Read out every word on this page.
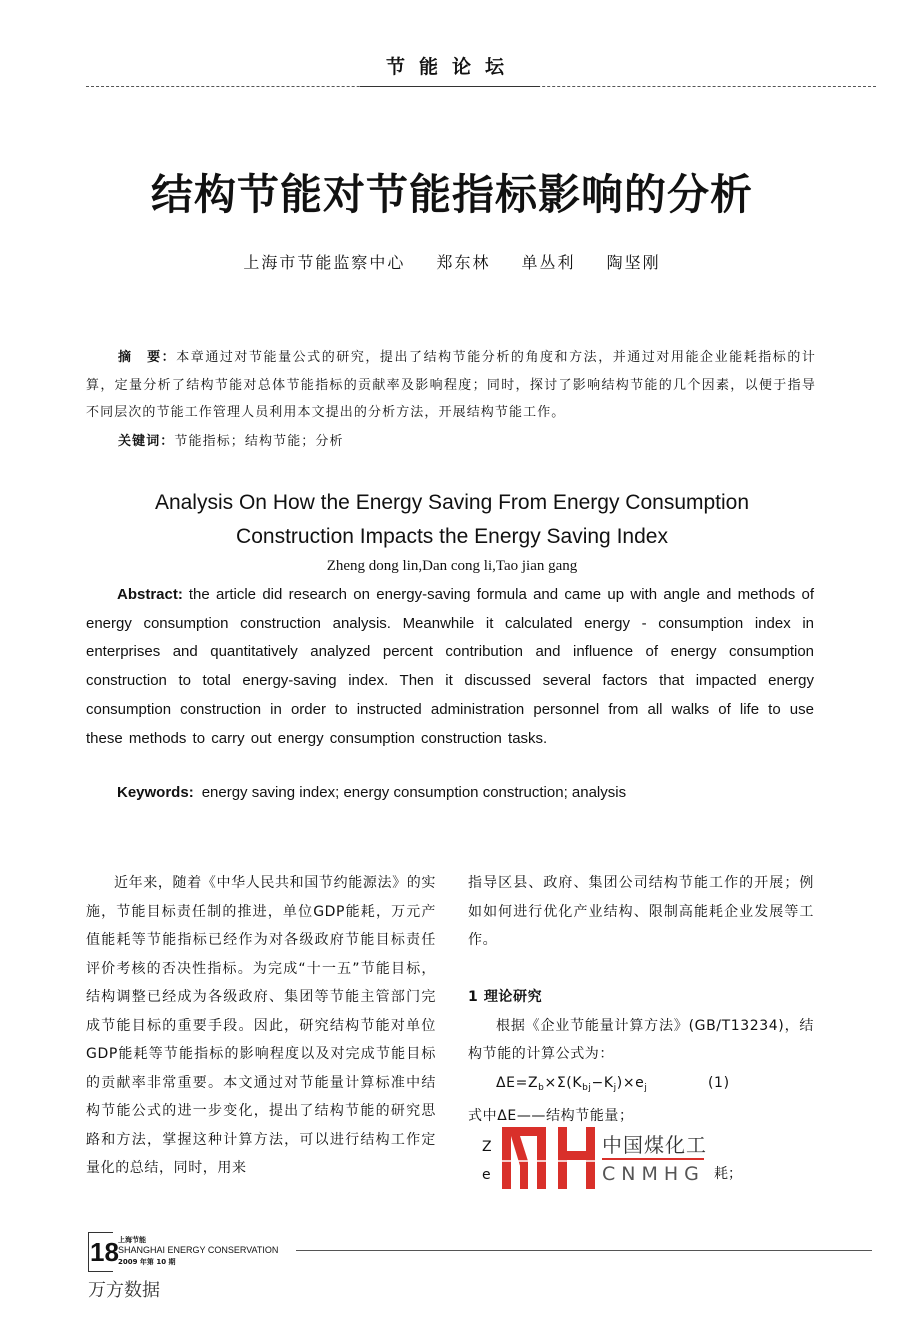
节能论坛
结构节能对节能指标影响的分析
上海市节能监察中心 郑东林 单丛利 陶坚刚
摘　要：本章通过对节能量公式的研究，提出了结构节能分析的角度和方法，并通过对用能企业能耗指标的计算，定量分析了结构节能对总体节能指标的贡献率及影响程度；同时，探讨了影响结构节能的几个因素，以便于指导不同层次的节能工作管理人员利用本文提出的分析方法，开展结构节能工作。
关键词：节能指标；结构节能；分析
Analysis On How the Energy Saving From Energy Consumption
Construction Impacts the Energy Saving Index
Zheng dong lin,Dan cong li,Tao jian gang
Abstract: the article did research on energy-saving formula and came up with angle and methods of energy consumption construction analysis. Meanwhile it calculated energy - consumption index in enterprises and quantitatively analyzed percent contribution and influence of energy consumption construction to total energy-saving index. Then it discussed several factors that impacted energy consumption construction in order to instructed administration personnel from all walks of life to use these methods to carry out energy consumption construction tasks.
Keywords: energy saving index; energy consumption construction; analysis

近年来，随着《中华人民共和国节约能源法》的实施，节能目标责任制的推进，单位GDP能耗，万元产值能耗等节能指标已经作为对各级政府节能目标责任评价考核的否决性指标。为完成“十一五”节能目标，结构调整已经成为各级政府、集团等节能主管部门完成节能目标的重要手段。因此，研究结构节能对单位GDP能耗等节能指标的影响程度以及对完成节能目标的贡献率非常重要。本文通过对节能量计算标准中结构节能公式的进一步变化，提出了结构节能的研究思路和方法，掌握这种计算方法，可以进行结构工作定量化的总结，同时，用来

指导区县、政府、集团公司结构节能工作的开展；例如如何进行优化产业结构、限制高能耗企业发展等工作。

1 理论研究

根据《企业节能量计算方法》(GB/T13234)，结构节能的计算公式为：

$\Delta E=Z_b\times\Sigma(K_{bj}-K_j)\times e_j$	(1)

式中ΔE——结构节能量；

Z
e
中国煤化工
CNMHG 耗；
18 上海节能
SHANGHAI ENERGY CONSERVATION
2009 年第 10 期
万方数据
